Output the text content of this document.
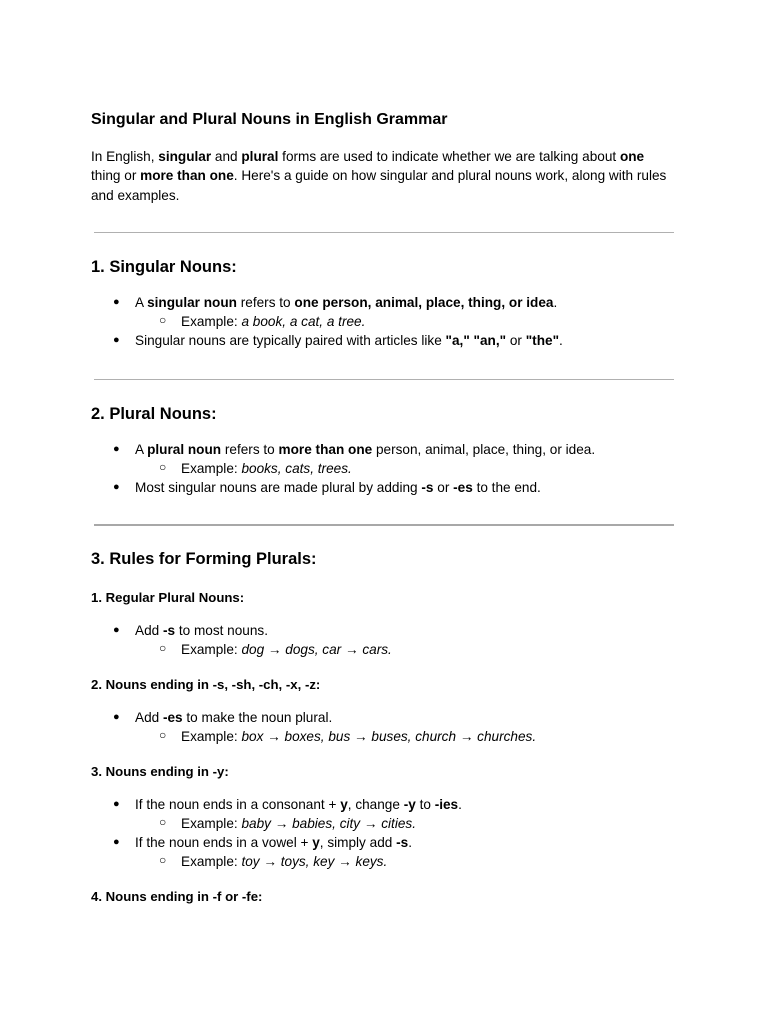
Singular and Plural Nouns in English Grammar

In English, singular and plural forms are used to indicate whether we are talking about one
thing or more than one. Here's a guide on how singular and plural nouns work, along with rules
and examples.

1. Singular Nouns:
● A singular noun refers to one person, animal, place, thing, or idea.

○ Example: a book, a cat, a tree.

● Singular nouns are typically paired with articles like "a," "an," or "the".

2. Plural Nouns:
● A plural noun refers to more than one person, animal, place, thing, or idea.

○ Example: books, cats, trees.

● Most singular nouns are made plural by adding -s or -es to the end.

3. Rules for Forming Plurals:
1. Regular Plural Nouns:
● Add -s to most nouns.

○ Example: dog → dogs, car → cars.

2. Nouns ending in -s, -sh, -ch, -x, -z:
● Add -es to make the noun plural.

○ Example: box → boxes, bus → buses, church → churches.

3. Nouns ending in -y:
● If the noun ends in a consonant + y, change -y to -ies.

○ Example: baby → babies, city → cities.

● If the noun ends in a vowel + y, simply add -s.

○ Example: toy → toys, key → keys.

4. Nouns ending in -f or -fe:
